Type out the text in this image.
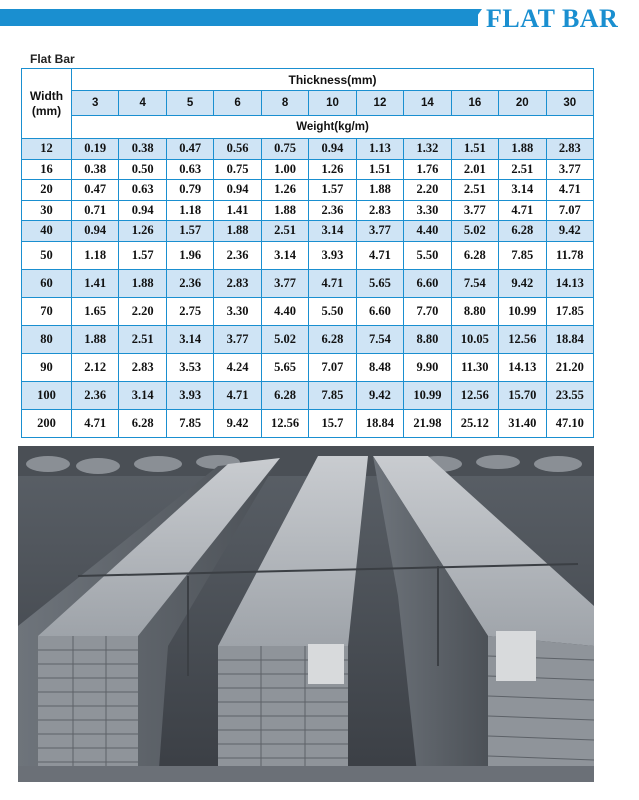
FLAT BAR
Flat Bar
Width
(mm)	Thickness(mm)										
	3	4	5	6	8	10	12	14	16	20	30
	Weight(kg/m)										
12	0.19	0.38	0.47	0.56	0.75	0.94	1.13	1.32	1.51	1.88	2.83
16	0.38	0.50	0.63	0.75	1.00	1.26	1.51	1.76	2.01	2.51	3.77
20	0.47	0.63	0.79	0.94	1.26	1.57	1.88	2.20	2.51	3.14	4.71
30	0.71	0.94	1.18	1.41	1.88	2.36	2.83	3.30	3.77	4.71	7.07
40	0.94	1.26	1.57	1.88	2.51	3.14	3.77	4.40	5.02	6.28	9.42
50	1.18	1.57	1.96	2.36	3.14	3.93	4.71	5.50	6.28	7.85	11.78
60	1.41	1.88	2.36	2.83	3.77	4.71	5.65	6.60	7.54	9.42	14.13
70	1.65	2.20	2.75	3.30	4.40	5.50	6.60	7.70	8.80	10.99	17.85
80	1.88	2.51	3.14	3.77	5.02	6.28	7.54	8.80	10.05	12.56	18.84
90	2.12	2.83	3.53	4.24	5.65	7.07	8.48	9.90	11.30	14.13	21.20
100	2.36	3.14	3.93	4.71	6.28	7.85	9.42	10.99	12.56	15.70	23.55
200	4.71	6.28	7.85	9.42	12.56	15.7	18.84	21.98	25.12	31.40	47.10
